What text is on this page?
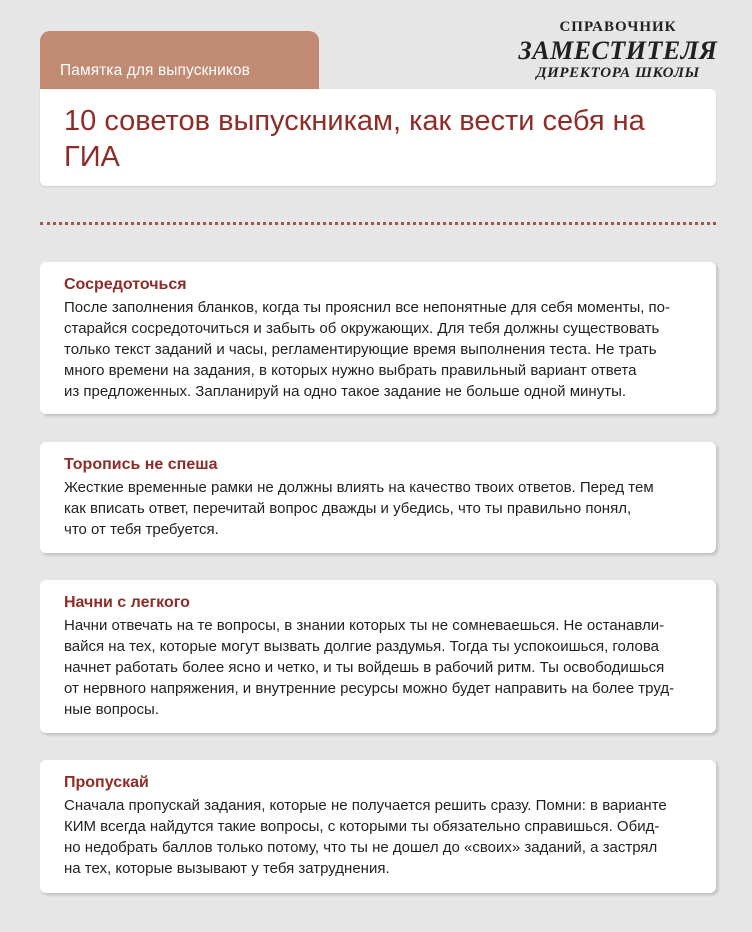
Памятка для выпускников
СПРАВОЧНИК
ЗАМЕСТИТЕЛЯ
ДИРЕКТОРА ШКОЛЫ
10 советов выпускникам, как вести себя на ГИА
Сосредоточься
После заполнения бланков, когда ты прояснил все непонятные для себя моменты, по-
старайся сосредоточиться и забыть об окружающих. Для тебя должны существовать
только текст заданий и часы, регламентирующие время выполнения теста. Не трать
много времени на задания, в которых нужно выбрать правильный вариант ответа
из предложенных. Запланируй на одно такое задание не больше одной минуты.
Торопись не спеша
Жесткие временные рамки не должны влиять на качество твоих ответов. Перед тем
как вписать ответ, перечитай вопрос дважды и убедись, что ты правильно понял,
что от тебя требуется.
Начни с легкого
Начни отвечать на те вопросы, в знании которых ты не сомневаешься. Не останавли-
вайся на тех, которые могут вызвать долгие раздумья. Тогда ты успокоишься, голова
начнет работать более ясно и четко, и ты войдешь в рабочий ритм. Ты освободишься
от нервного напряжения, и внутренние ресурсы можно будет направить на более труд-
ные вопросы.
Пропускай
Сначала пропускай задания, которые не получается решить сразу. Помни: в варианте
КИМ всегда найдутся такие вопросы, с которыми ты обязательно справишься. Обид-
но недобрать баллов только потому, что ты не дошел до «своих» заданий, а застрял
на тех, которые вызывают у тебя затруднения.
